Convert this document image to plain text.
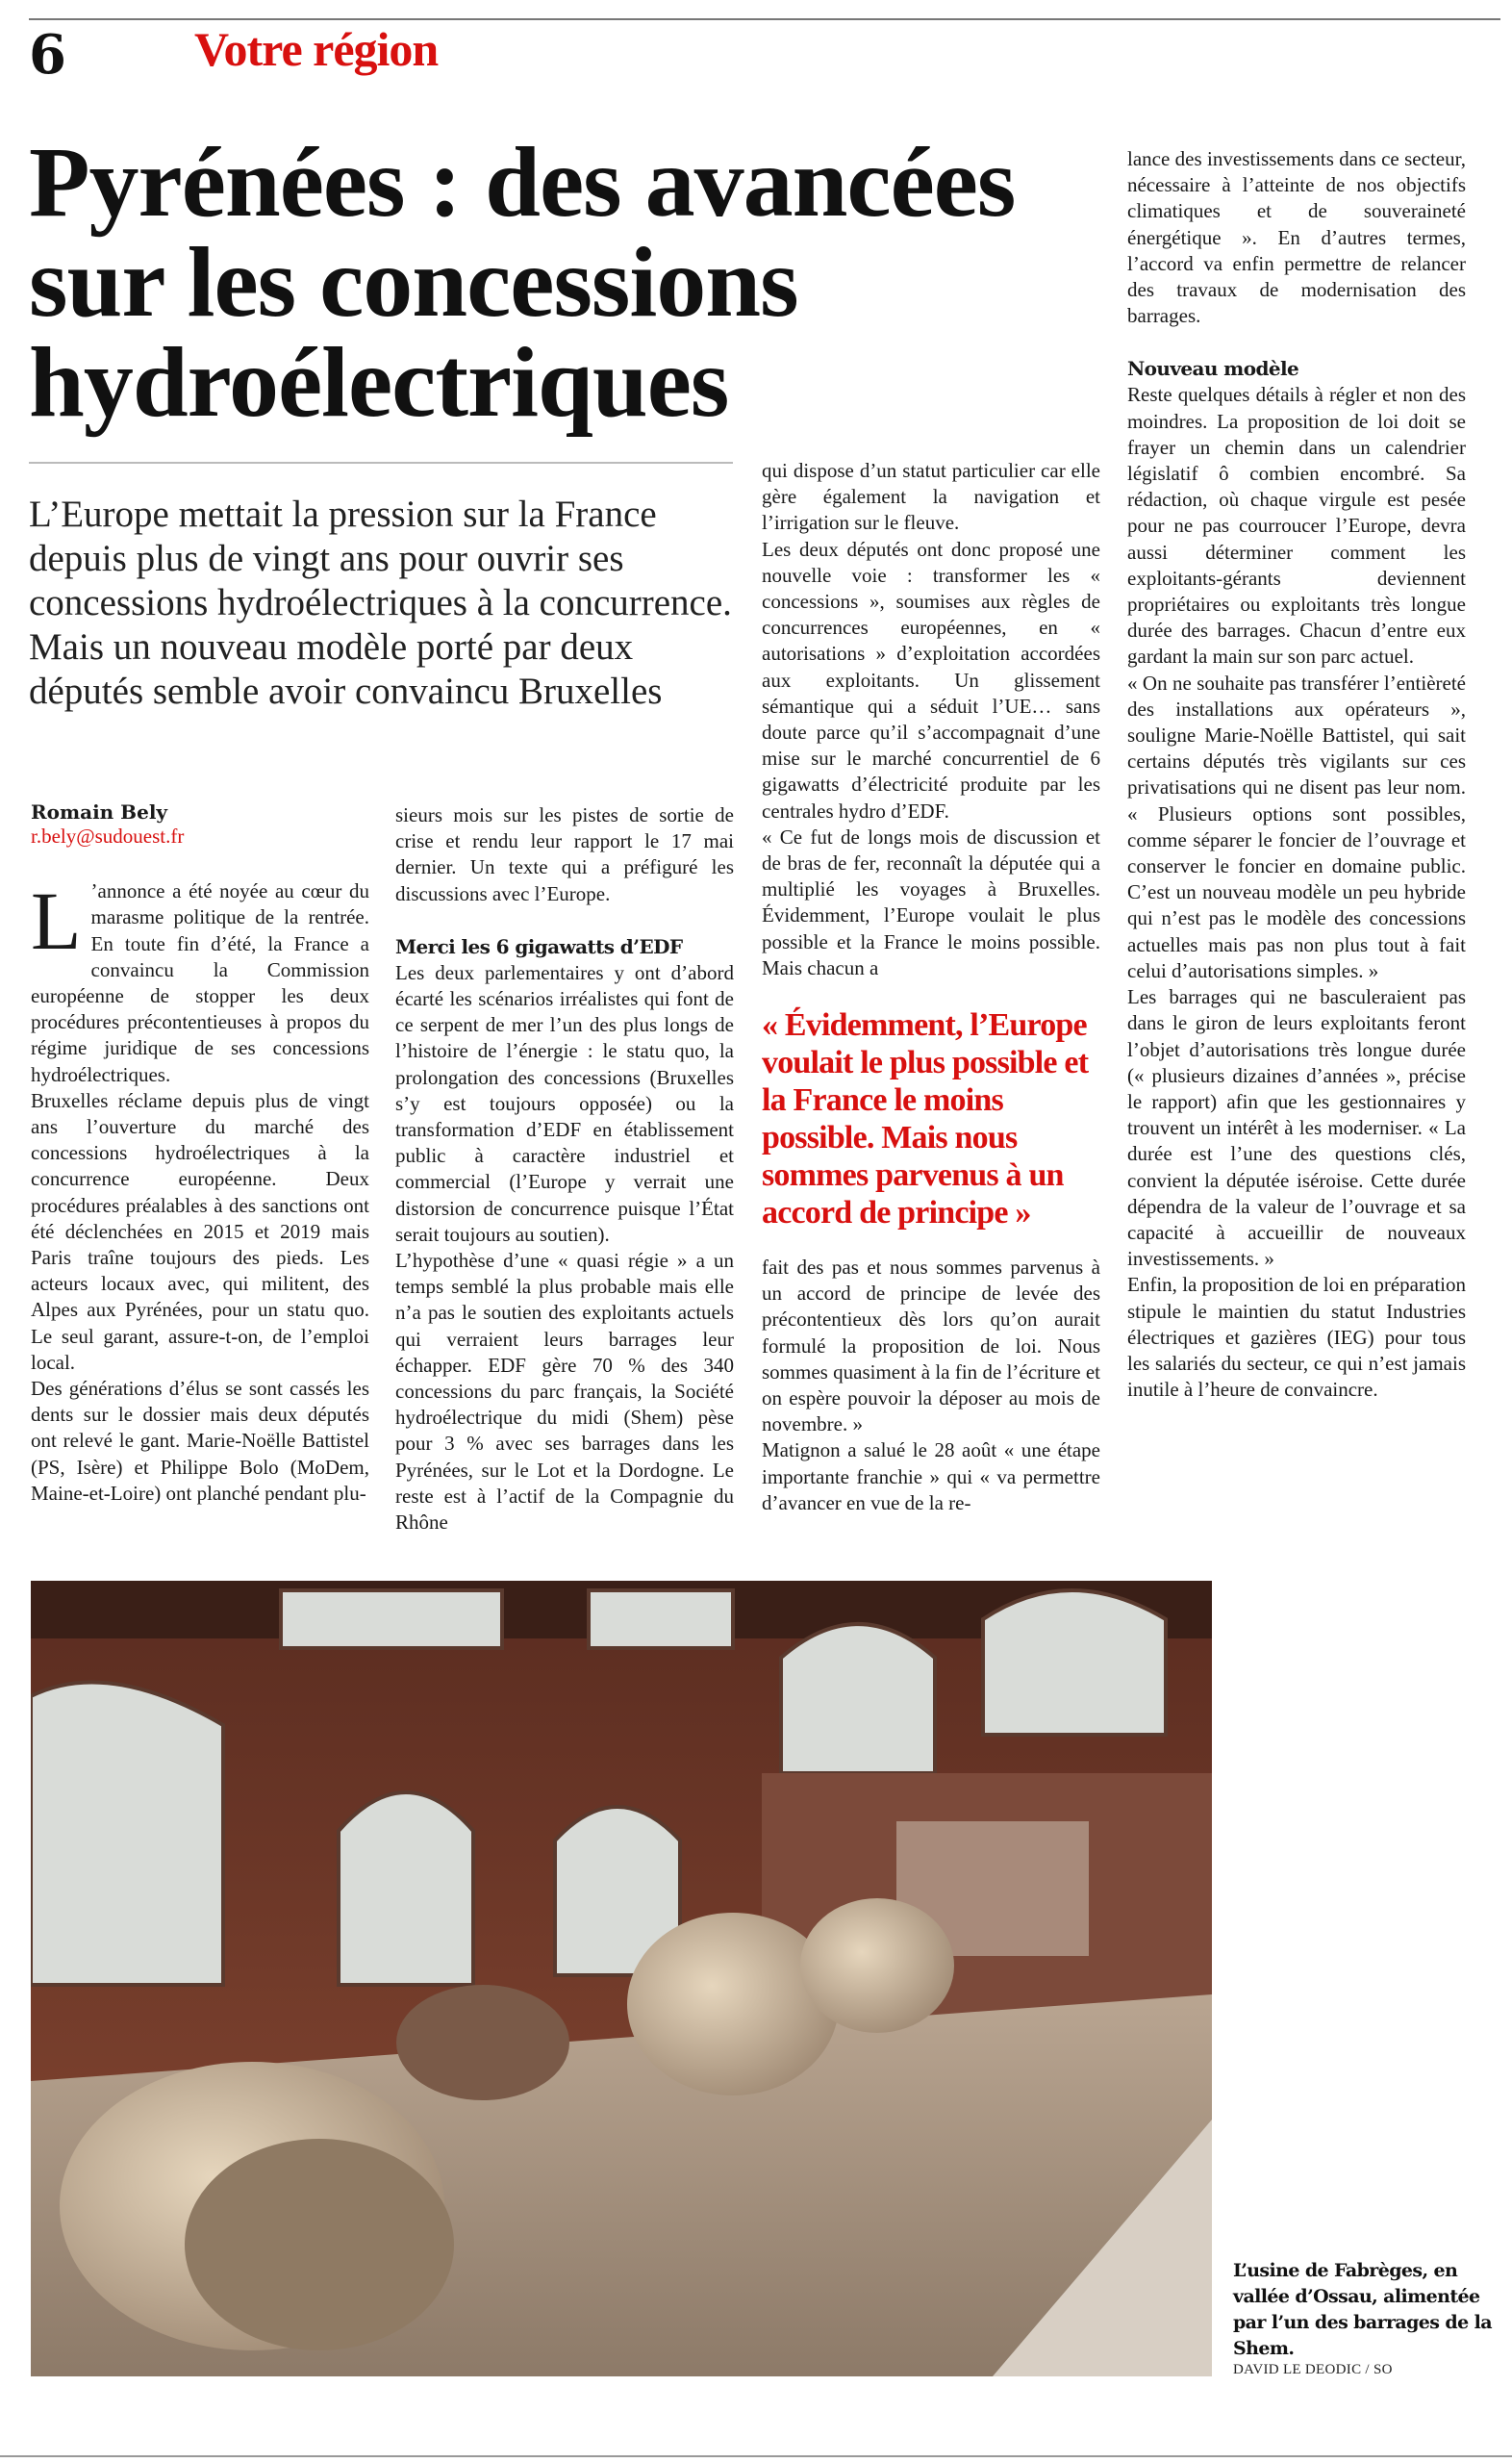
6	Votre région
Pyrénées : des avancées sur les concessions hydroélectriques

L’Europe mettait la pression sur la France depuis plus de vingt ans pour ouvrir ses concessions hydroélectriques à la concurrence. Mais un nouveau modèle porté par deux députés semble avoir convaincu Bruxelles

Romain Bely

r.bely@sudouest.fr

L ’annonce a été noyée au cœur du marasme politique de la rentrée. En toute fin d’été, la France a convaincu la Commission européenne de stopper les deux procédures précontentieuses à propos du régime juridique de ses concessions hydroélectriques.

Bruxelles réclame depuis plus de vingt ans l’ouverture du marché des concessions hydroélectriques à la concurrence européenne. Deux procédures préalables à des sanctions ont été déclenchées en 2015 et 2019 mais Paris traîne toujours des pieds. Les acteurs locaux avec, qui militent, des Alpes aux Pyrénées, pour un statu quo. Le seul garant, assure-t-on, de l’emploi local.

Des générations d’élus se sont cassés les dents sur le dossier mais deux députés ont relevé le gant. Marie-Noëlle Battistel (PS, Isère) et Philippe Bolo (MoDem, Maine-et-Loire) ont planché pendant plu-

sieurs mois sur les pistes de sortie de crise et rendu leur rapport le 17 mai dernier. Un texte qui a préfiguré les discussions avec l’Europe.

Merci les 6 gigawatts d’EDF

Les deux parlementaires y ont d’abord écarté les scénarios irréalistes qui font de ce serpent de mer l’un des plus longs de l’histoire de l’énergie : le statu quo, la prolongation des concessions (Bruxelles s’y est toujours opposée) ou la transformation d’EDF en établissement public à caractère industriel et commercial (l’Europe y verrait une distorsion de concurrence puisque l’État serait toujours au soutien).

L’hypothèse d’une « quasi régie » a un temps semblé la plus probable mais elle n’a pas le soutien des exploitants actuels qui verraient leurs barrages leur échapper. EDF gère 70 % des 340 concessions du parc français, la Société hydroélectrique du midi (Shem) pèse pour 3 % avec ses barrages dans les Pyrénées, sur le Lot et la Dordogne. Le reste est à l’actif de la Compagnie du Rhône

qui dispose d’un statut particulier car elle gère également la navigation et l’irrigation sur le fleuve.

Les deux députés ont donc proposé une nouvelle voie : transformer les « concessions », soumises aux règles de concurrences européennes, en « autorisations » d’exploitation accordées aux exploitants. Un glissement sémantique qui a séduit l’UE… sans doute parce qu’il s’accompagnait d’une mise sur le marché concurrentiel de 6 gigawatts d’électricité produite par les centrales hydro d’EDF.

« Ce fut de longs mois de discussion et de bras de fer, reconnaît la députée qui a multiplié les voyages à Bruxelles. Évidemment, l’Europe voulait le plus possible et la France le moins possible. Mais chacun a

« Évidemment, l’Europe voulait le plus possible et la France le moins possible. Mais nous sommes parvenus à un accord de principe »

fait des pas et nous sommes parvenus à un accord de principe de levée des précontentieux dès lors qu’on aurait formulé la proposition de loi. Nous sommes quasiment à la fin de l’écriture et on espère pouvoir la déposer au mois de novembre. »

Matignon a salué le 28 août « une étape importante franchie » qui « va permettre d’avancer en vue de la re-

lance des investissements dans ce secteur, nécessaire à l’atteinte de nos objectifs climatiques et de souveraineté énergétique ». En d’autres termes, l’accord va enfin permettre de relancer des travaux de modernisation des barrages.

Nouveau modèle

Reste quelques détails à régler et non des moindres. La proposition de loi doit se frayer un chemin dans un calendrier législatif ô combien encombré. Sa rédaction, où chaque virgule est pesée pour ne pas courroucer l’Europe, devra aussi déterminer comment les exploitants-gérants deviennent propriétaires ou exploitants très longue durée des barrages. Chacun d’entre eux gardant la main sur son parc actuel.

« On ne souhaite pas transférer l’entièreté des installations aux opérateurs », souligne Marie-Noëlle Battistel, qui sait certains députés très vigilants sur ces privatisations qui ne disent pas leur nom. « Plusieurs options sont possibles, comme séparer le foncier de l’ouvrage et conserver le foncier en domaine public. C’est un nouveau modèle un peu hybride qui n’est pas le modèle des concessions actuelles mais pas non plus tout à fait celui d’autorisations simples. »

Les barrages qui ne basculeraient pas dans le giron de leurs exploitants feront l’objet d’autorisations très longue durée (« plusieurs dizaines d’années », précise le rapport) afin que les gestionnaires y trouvent un intérêt à les moderniser. « La durée est l’une des questions clés, convient la députée iséroise. Cette durée dépendra de la valeur de l’ouvrage et sa capacité à accueillir de nouveaux investissements. »

Enfin, la proposition de loi en préparation stipule le maintien du statut Industries électriques et gazières (IEG) pour tous les salariés du secteur, ce qui n’est jamais inutile à l’heure de convaincre.

L’usine de Fabrèges, en vallée d’Ossau, alimentée par l’un des barrages de la Shem.

DAVID LE DEODIC / SO
